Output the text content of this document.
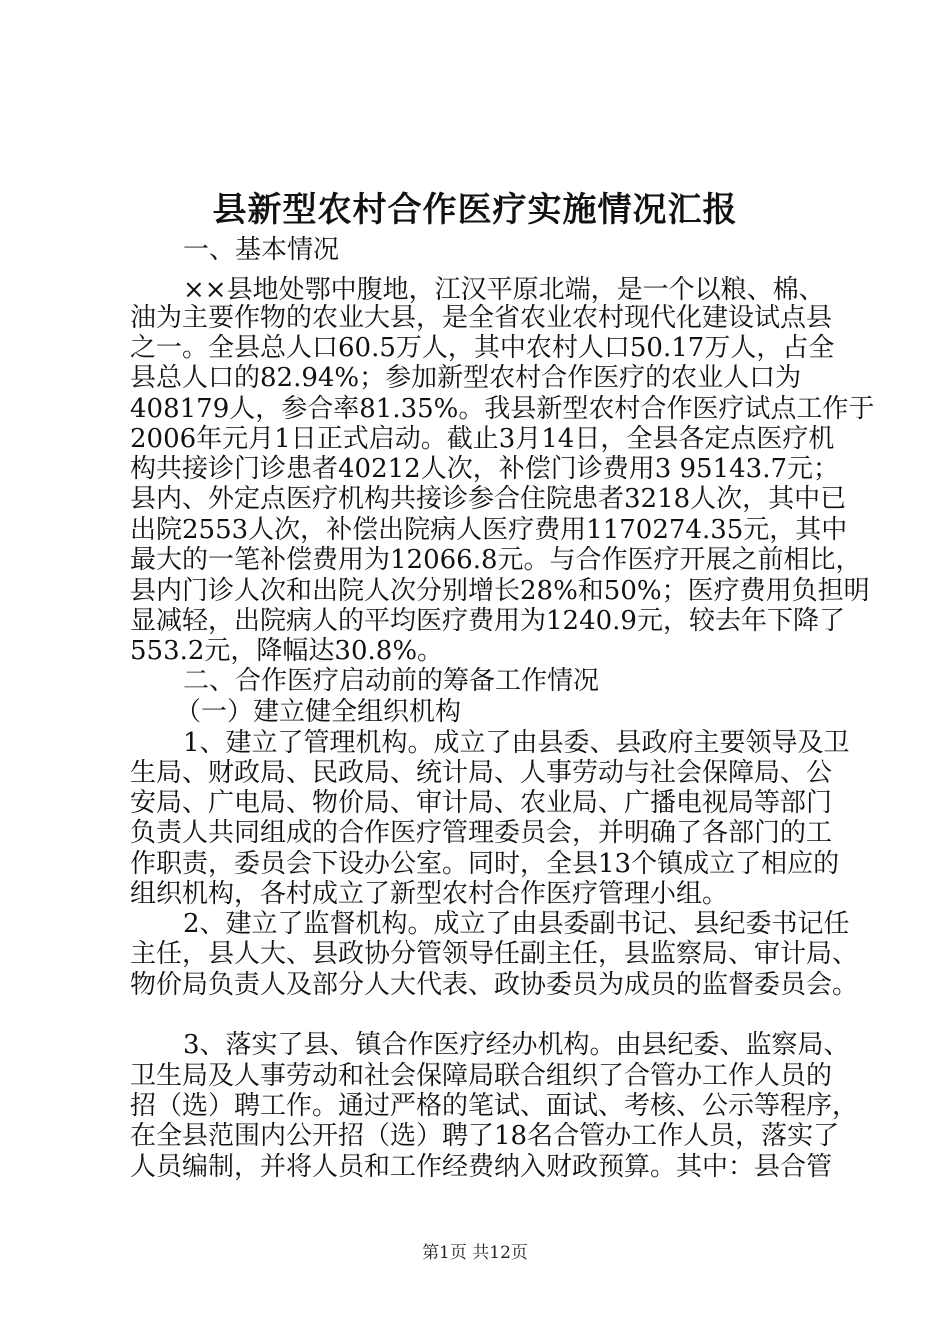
县新型农村合作医疗实施情况汇报

一、基本情况

××县地处鄂中腹地，江汉平原北端，是一个以粮、棉、

油为主要作物的农业大县，是全省农业农村现代化建设试点县

之一。全县总人口60.5万人，其中农村人口50.17万人，占全

县总人口的82.94%；参加新型农村合作医疗的农业人口为

408179人，参合率81.35%。我县新型农村合作医疗试点工作于

2006年元月1日正式启动。截止3月14日，全县各定点医疗机

构共接诊门诊患者40212人次，补偿门诊费用3 95143.7元；

县内、外定点医疗机构共接诊参合住院患者3218人次，其中已

出院2553人次，补偿出院病人医疗费用1170274.35元，其中

最大的一笔补偿费用为12066.8元。与合作医疗开展之前相比，

县内门诊人次和出院人次分别增长28%和50%；医疗费用负担明

显减轻，出院病人的平均医疗费用为1240.9元，较去年下降了

553.2元，降幅达30.8%。

二、合作医疗启动前的筹备工作情况

（一）建立健全组织机构

1、建立了管理机构。成立了由县委、县政府主要领导及卫

生局、财政局、民政局、统计局、人事劳动与社会保障局、公

安局、广电局、物价局、审计局、农业局、广播电视局等部门

负责人共同组成的合作医疗管理委员会，并明确了各部门的工

作职责，委员会下设办公室。同时，全县13个镇成立了相应的

组织机构，各村成立了新型农村合作医疗管理小组。

2、建立了监督机构。成立了由县委副书记、县纪委书记任

主任，县人大、县政协分管领导任副主任，县监察局、审计局、

物价局负责人及部分人大代表、政协委员为成员的监督委员会。

3、落实了县、镇合作医疗经办机构。由县纪委、监察局、

卫生局及人事劳动和社会保障局联合组织了合管办工作人员的

招（选）聘工作。通过严格的笔试、面试、考核、公示等程序，

在全县范围内公开招（选）聘了18名合管办工作人员，落实了

人员编制，并将人员和工作经费纳入财政预算。其中：县合管

第1页 共12页
